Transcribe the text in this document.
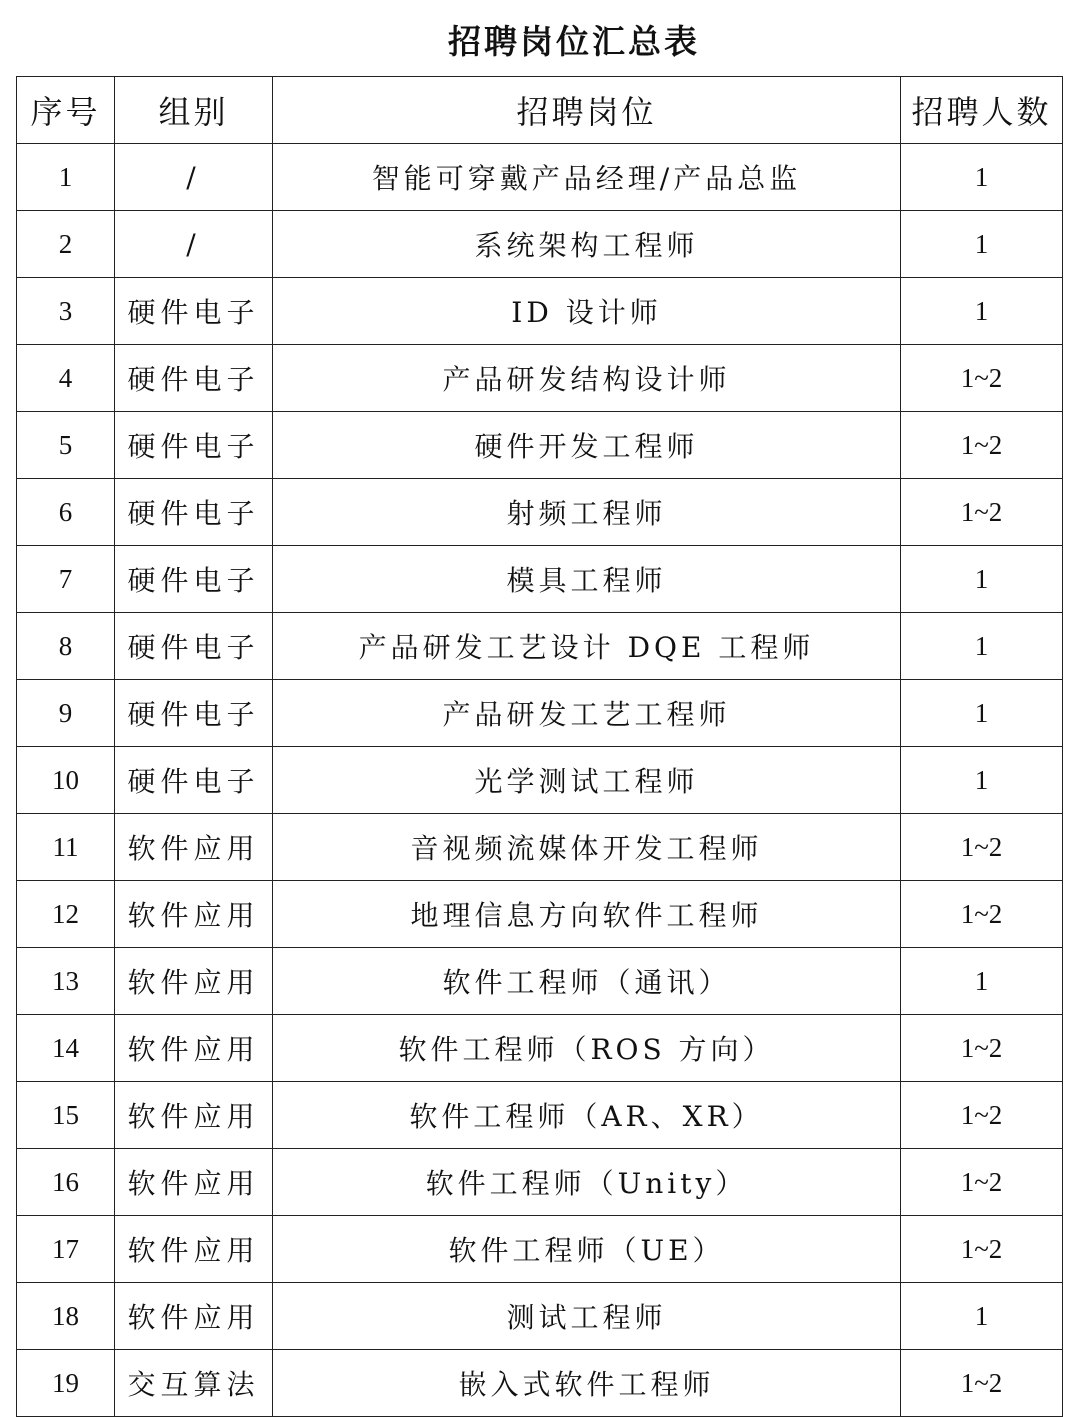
招聘岗位汇总表
序号	组别	招聘岗位	招聘人数
1	/	智能可穿戴产品经理/产品总监	1
2	/	系统架构工程师	1
3	硬件电子	ID 设计师	1
4	硬件电子	产品研发结构设计师	1~2
5	硬件电子	硬件开发工程师	1~2
6	硬件电子	射频工程师	1~2
7	硬件电子	模具工程师	1
8	硬件电子	产品研发工艺设计 DQE 工程师	1
9	硬件电子	产品研发工艺工程师	1
10	硬件电子	光学测试工程师	1
11	软件应用	音视频流媒体开发工程师	1~2
12	软件应用	地理信息方向软件工程师	1~2
13	软件应用	软件工程师（通讯）	1
14	软件应用	软件工程师（ROS 方向）	1~2
15	软件应用	软件工程师（AR、XR）	1~2
16	软件应用	软件工程师（Unity）	1~2
17	软件应用	软件工程师（UE）	1~2
18	软件应用	测试工程师	1
19	交互算法	嵌入式软件工程师	1~2
